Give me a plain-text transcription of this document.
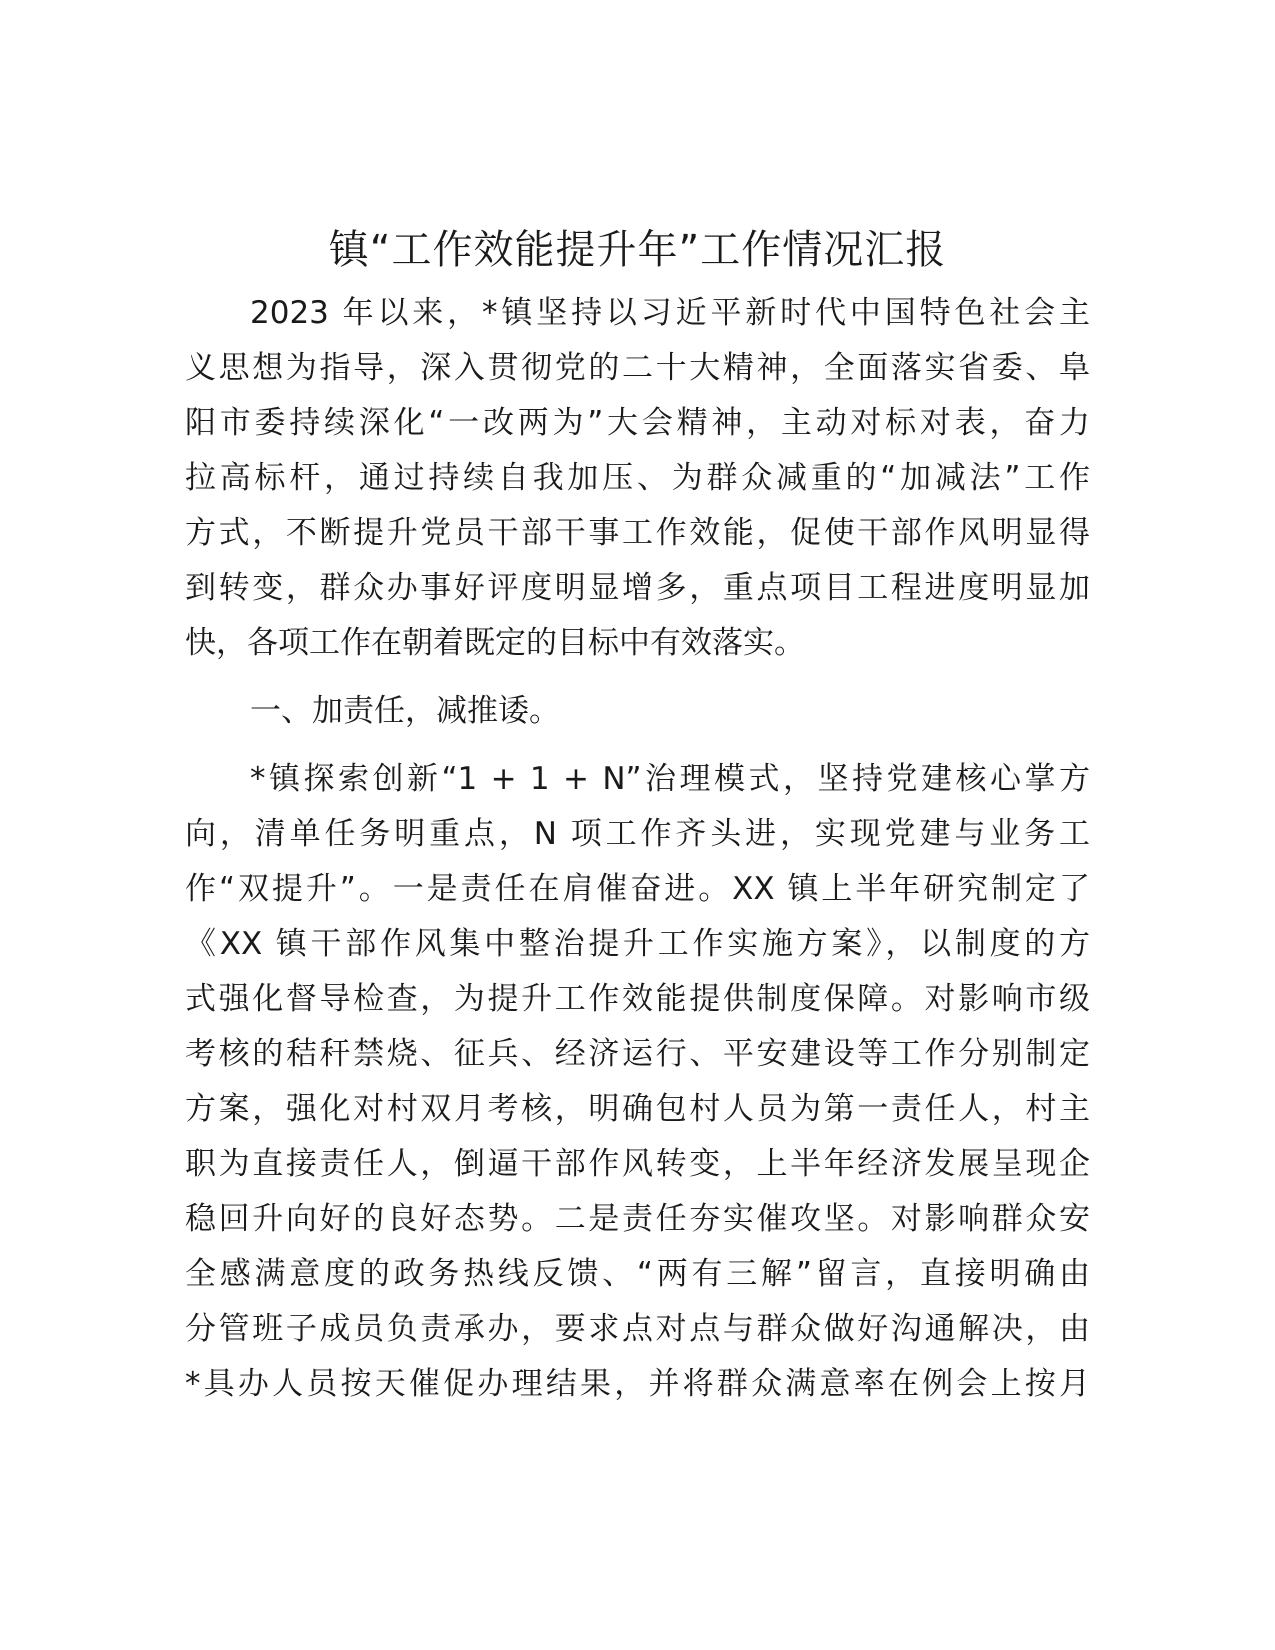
镇“工作效能提升年”工作情况汇报
2023 年以来，*镇坚持以习近平新时代中国特色社会主
义思想为指导，深入贯彻党的二十大精神，全面落实省委、阜
阳市委持续深化“一改两为”大会精神，主动对标对表，奋力
拉高标杆，通过持续自我加压、为群众减重的“加减法”工作
方式，不断提升党员干部干事工作效能，促使干部作风明显得
到转变，群众办事好评度明显增多，重点项目工程进度明显加
快，各项工作在朝着既定的目标中有效落实。
一、加责任，减推诿。
*镇探索创新“1 + 1 + N”治理模式，坚持党建核心掌方
向，清单任务明重点，N 项工作齐头进，实现党建与业务工
作“双提升”。一是责任在肩催奋进。XX 镇上半年研究制定了
《XX 镇干部作风集中整治提升工作实施方案》，以制度的方
式强化督导检查，为提升工作效能提供制度保障。对影响市级
考核的秸秆禁烧、征兵、经济运行、平安建设等工作分别制定
方案，强化对村双月考核，明确包村人员为第一责任人，村主
职为直接责任人，倒逼干部作风转变，上半年经济发展呈现企
稳回升向好的良好态势。二是责任夯实催攻坚。对影响群众安
全感满意度的政务热线反馈、“两有三解”留言，直接明确由
分管班子成员负责承办，要求点对点与群众做好沟通解决，由
*具办人员按天催促办理结果，并将群众满意率在例会上按月
